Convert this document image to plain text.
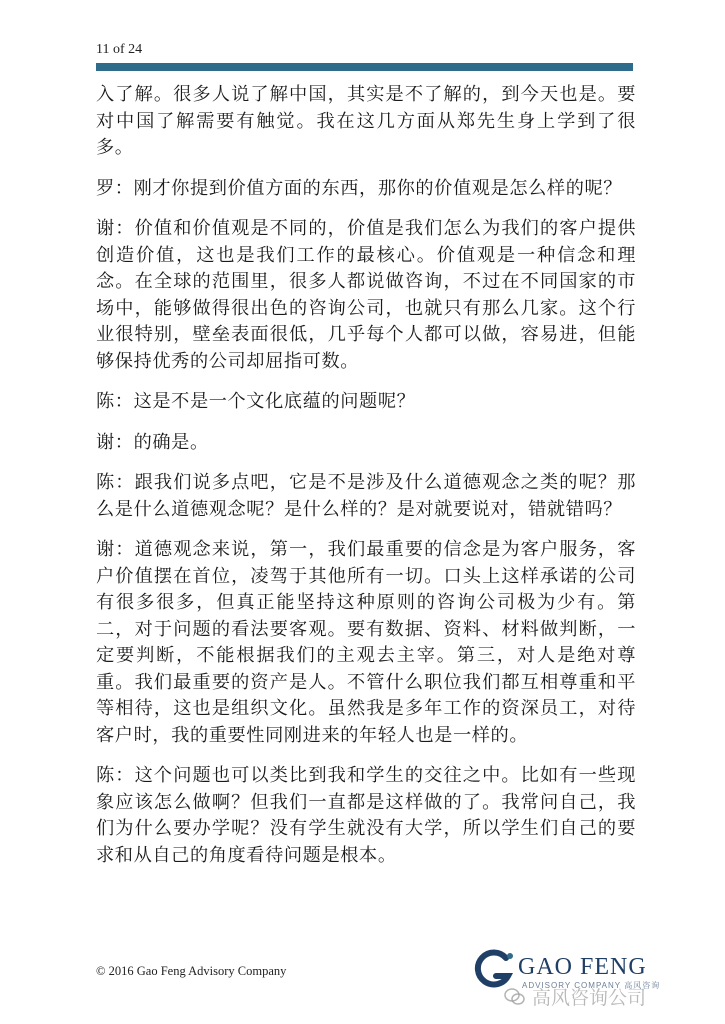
11 of 24

入了解。很多人说了解中国，其实是不了解的，到今天也是。要对中国了解需要有触觉。我在这几方面从郑先生身上学到了很多。

罗：刚才你提到价值方面的东西，那你的价值观是怎么样的呢？

谢：价值和价值观是不同的，价值是我们怎么为我们的客户提供创造价值，这也是我们工作的最核心。价值观是一种信念和理念。在全球的范围里，很多人都说做咨询，不过在不同国家的市场中，能够做得很出色的咨询公司，也就只有那么几家。这个行业很特别，壁垒表面很低，几乎每个人都可以做，容易进，但能够保持优秀的公司却屈指可数。

陈：这是不是一个文化底蕴的问题呢？

谢：的确是。

陈：跟我们说多点吧，它是不是涉及什么道德观念之类的呢？那么是什么道德观念呢？是什么样的？是对就要说对，错就错吗？

谢：道德观念来说，第一，我们最重要的信念是为客户服务，客户价值摆在首位，凌驾于其他所有一切。口头上这样承诺的公司有很多很多，但真正能坚持这种原则的咨询公司极为少有。第二，对于问题的看法要客观。要有数据、资料、材料做判断，一定要判断，不能根据我们的主观去主宰。第三，对人是绝对尊重。我们最重要的资产是人。不管什么职位我们都互相尊重和平等相待，这也是组织文化。虽然我是多年工作的资深员工，对待客户时，我的重要性同刚进来的年轻人也是一样的。

陈：这个问题也可以类比到我和学生的交往之中。比如有一些现象应该怎么做啊？但我们一直都是这样做的了。我常问自己，我们为什么要办学呢？没有学生就没有大学，所以学生们自己的要求和从自己的角度看待问题是根本。

© 2016 Gao Feng Advisory Company	GAO FENG
ADVISORY COMPANY 高风咨询
高风咨询公司
